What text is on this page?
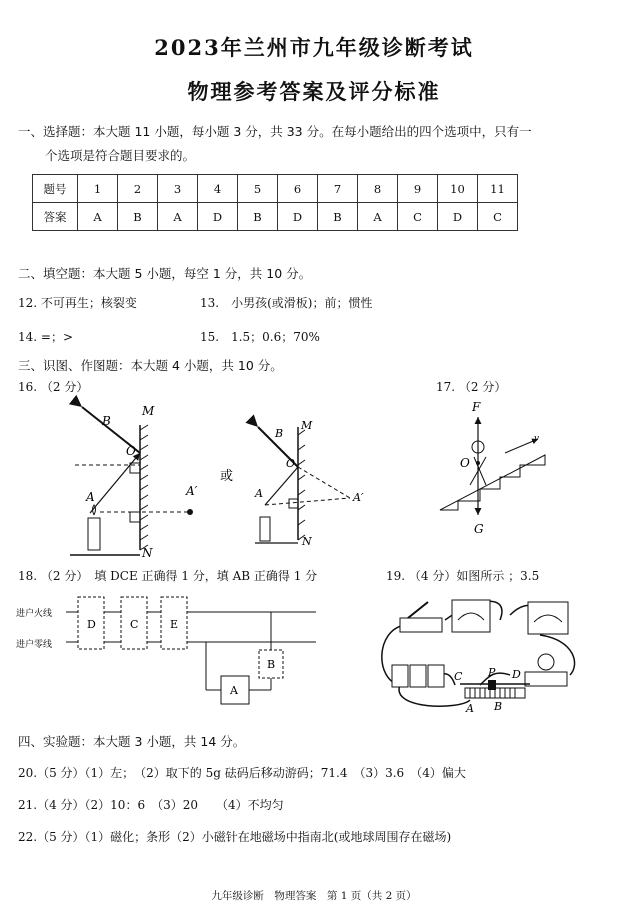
2023年兰州市九年级诊断考试
物理参考答案及评分标准
一、选择题：本大题 11 小题，每小题 3 分，共 33 分。在每小题给出的四个选项中，只有一
个选项是符合题目要求的。
题号	1	2	3	4	5	6	7	8	9	10	11
答案	A	B	A	D	B	D	B	A	C	D	C
二、填空题：本大题 5 小题，每空 1 分，共 10 分。
12. 不可再生；核裂变	13.　小男孩(或滑板)；前；惯性
14. =；>	15.　1.5；0.6；70%
三、识图、作图题：本大题 4 小题，共 10 分。
16. （2 分）	17. （2 分）
B
M
O
A	A′
N
或
B
M
O
A	A′
N
F
O
G
v
18. （2 分）　填 DCE 正确得 1 分，填 AB 正确得 1 分	19. （4 分）如图所示 ；3.5
进户火线
进户零线
D	C	E
B
A
C P D
A B
四、实验题：本大题 3 小题，共 14 分。
20.（5 分）（1）左；　（2）取下的 5g 砝码后移动游码；71.4　（3）3.6　（4）偏大
21.（4 分）（2）10：6　（3）20　　（4）不均匀
22.（5 分）（1）磁化；条形（2）小磁针在地磁场中指南北(或地球周围存在磁场)
九年级诊断　物理答案　第 1 页（共 2 页）
